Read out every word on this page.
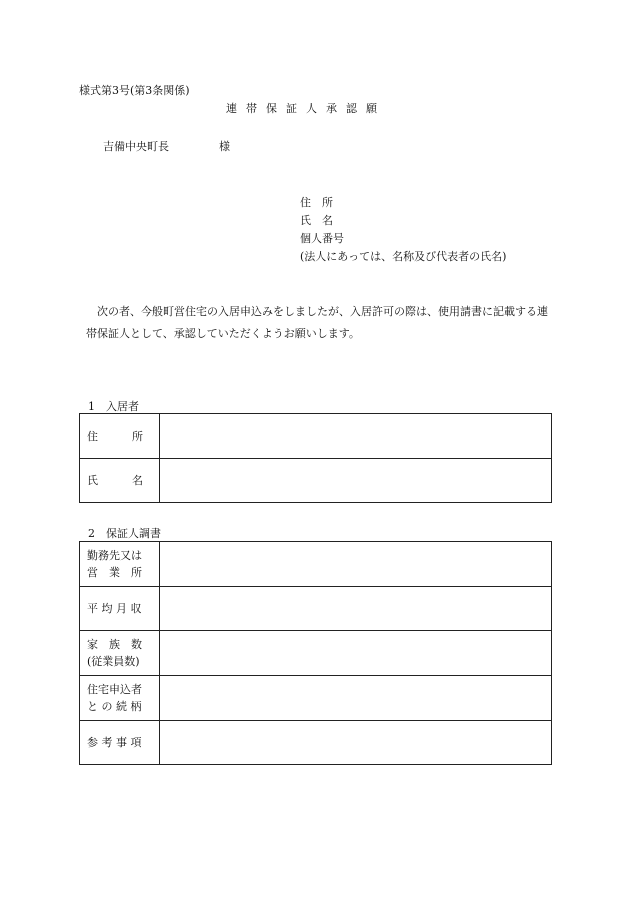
様式第3号(第3条関係)
連帯保証人承認願
吉備中央町長	様
住　所
氏　名
個人番号
(法人にあっては、名称及び代表者の氏名)

次の者、今般町営住宅の入居申込みをしましたが、入居許可の際は、使用請書に記載する連帯保証人として、承認していただくようお願いします。

1　入居者
住 所	

氏 名	

2　保証人調書
勤務先又は
営　業　所	

平 均 月 収	

家　族　数
(従業員数)	

住宅申込者
と の 続 柄	

参 考 事 項	
